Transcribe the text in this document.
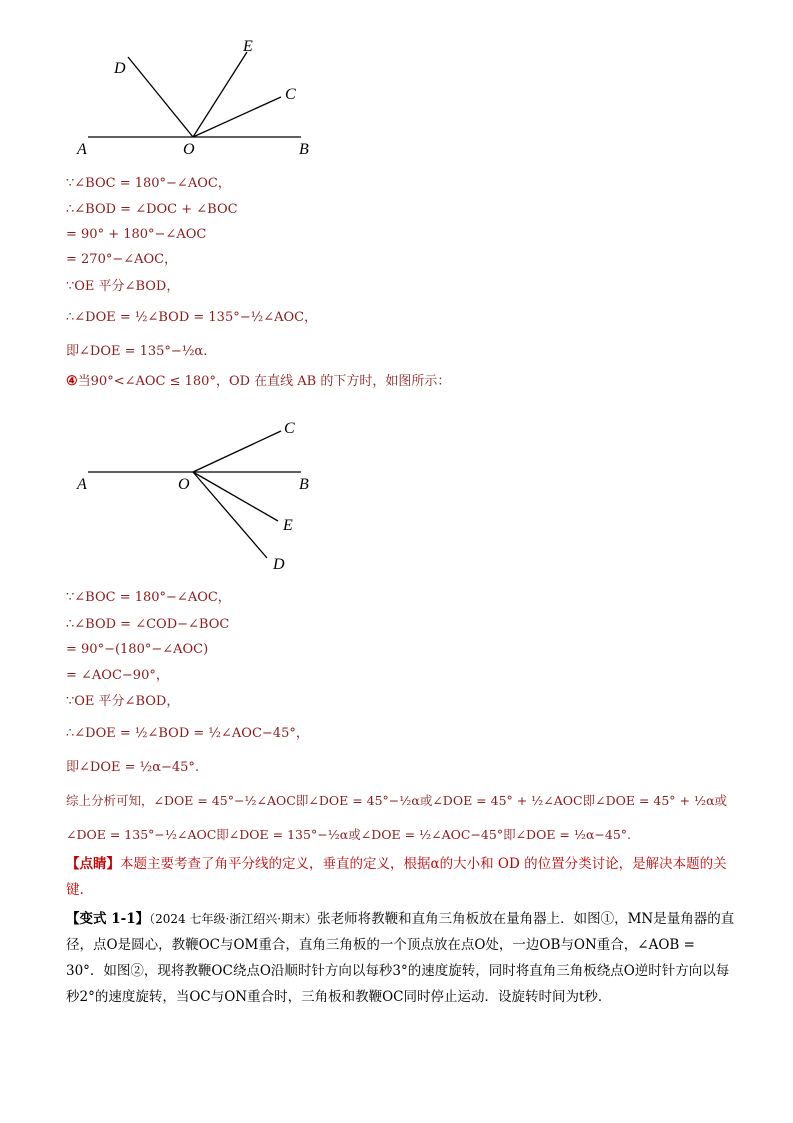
A	O	B
D
E
C
∵∠BOC = 180°−∠AOC，
∴∠BOD = ∠DOC + ∠BOC
= 90° + 180°−∠AOC
= 270°−∠AOC，
∵OE 平分∠BOD，
∴∠DOE = ½∠BOD = 135°−½∠AOC，
即∠DOE = 135°−½α.
④当90°<∠AOC ≤ 180°，OD 在直线 AB 的下方时，如图所示：
A	O	B
C
E
D
∵∠BOC = 180°−∠AOC，
∴∠BOD = ∠COD−∠BOC
= 90°−(180°−∠AOC)
= ∠AOC−90°，
∵OE 平分∠BOD，
∴∠DOE = ½∠BOD = ½∠AOC−45°，
即∠DOE = ½α−45°.
综上分析可知，∠DOE = 45°−½∠AOC即∠DOE = 45°−½α或∠DOE = 45° + ½∠AOC即∠DOE = 45° + ½α或
∠DOE = 135°−½∠AOC即∠DOE = 135°−½α或∠DOE = ½∠AOC−45°即∠DOE = ½α−45°.
【点睛】本题主要考查了角平分线的定义，垂直的定义，根据α的大小和 OD 的位置分类讨论，是解决本题的关键.
【变式 1-1】（2024 七年级·浙江绍兴·期末）张老师将教鞭和直角三角板放在量角器上．如图①，MN是量角器的直径，点O是圆心，教鞭OC与OM重合，直角三角板的一个顶点放在点O处，一边OB与ON重合，∠AOB = 30°．如图②，现将教鞭OC绕点O沿顺时针方向以每秒3°的速度旋转，同时将直角三角板绕点O逆时针方向以每秒2°的速度旋转，当OC与ON重合时，三角板和教鞭OC同时停止运动．设旋转时间为t秒．
